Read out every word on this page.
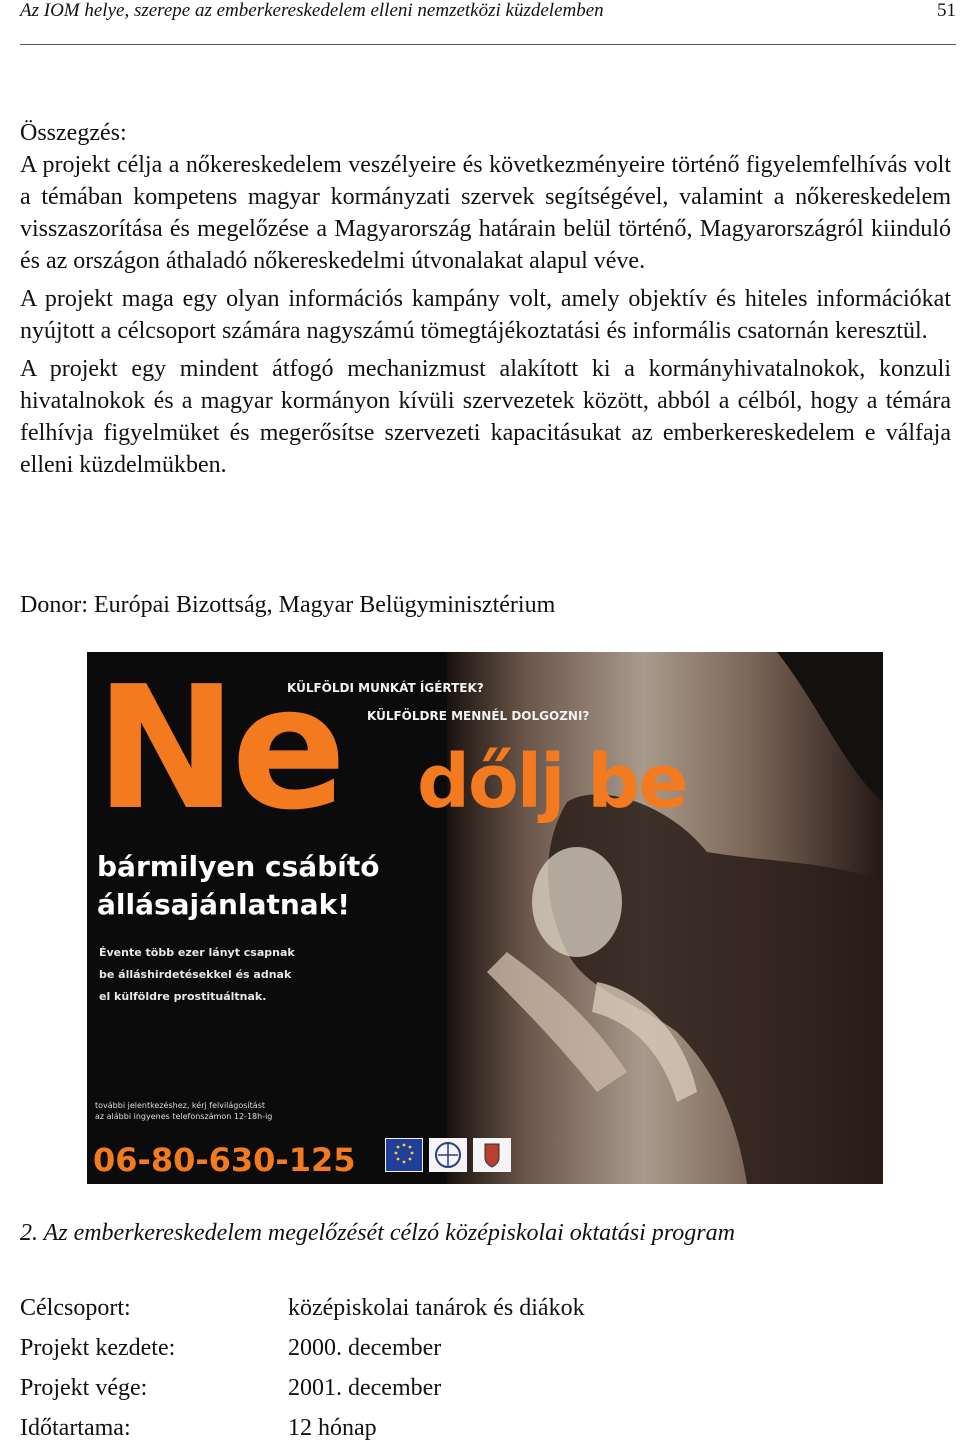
Az IOM helye, szerepe az emberkereskedelem elleni nemzetközi küzdelemben	51

Összegzés:

A projekt célja a nőkereskedelem veszélyeire és következményeire történő figyelemfelhívás volt a témában kompetens magyar kormányzati szervek segítségével, valamint a nőkereskedelem visszaszorítása és megelőzése a Magyarország határain belül történő, Magyarországról kiinduló és az országon áthaladó nőkereskedelmi útvonalakat alapul véve.

A projekt maga egy olyan információs kampány volt, amely objektív és hiteles információkat nyújtott a célcsoport számára nagyszámú tömegtájékoztatási és informális csatornán keresztül.

A projekt egy mindent átfogó mechanizmust alakított ki a kormányhivatalnokok, konzuli hivatalnokok és a magyar kormányon kívüli szervezetek között, abból a célból, hogy a témára felhívja figyelmüket és megerősítse szervezeti kapacitásukat az emberkereskedelem e válfaja elleni küzdelmükben.

Donor: Európai Bizottság, Magyar Belügyminisztérium
KÜLFÖLDI MUNKÁT ÍGÉRTEK?
KÜLFÖLDRE MENNÉL DOLGOZNI?
Ne dőlj be
bármilyen csábító
állásajánlatnak!
Évente több ezer lányt csapnak
be álláshirdetésekkel és adnak
el külföldre prostituáltnak.
további jelentkezéshez, kérj felvilágosítást
az alábbi ingyenes telefonszámon 12-18h-ig
06-80-630-125
2. Az emberkereskedelem megelőzését célzó középiskolai oktatási program
Célcsoport:	középiskolai tanárok és diákok
Projekt kezdete:	2000. december
Projekt vége:	2001. december
Időtartama:	12 hónap
